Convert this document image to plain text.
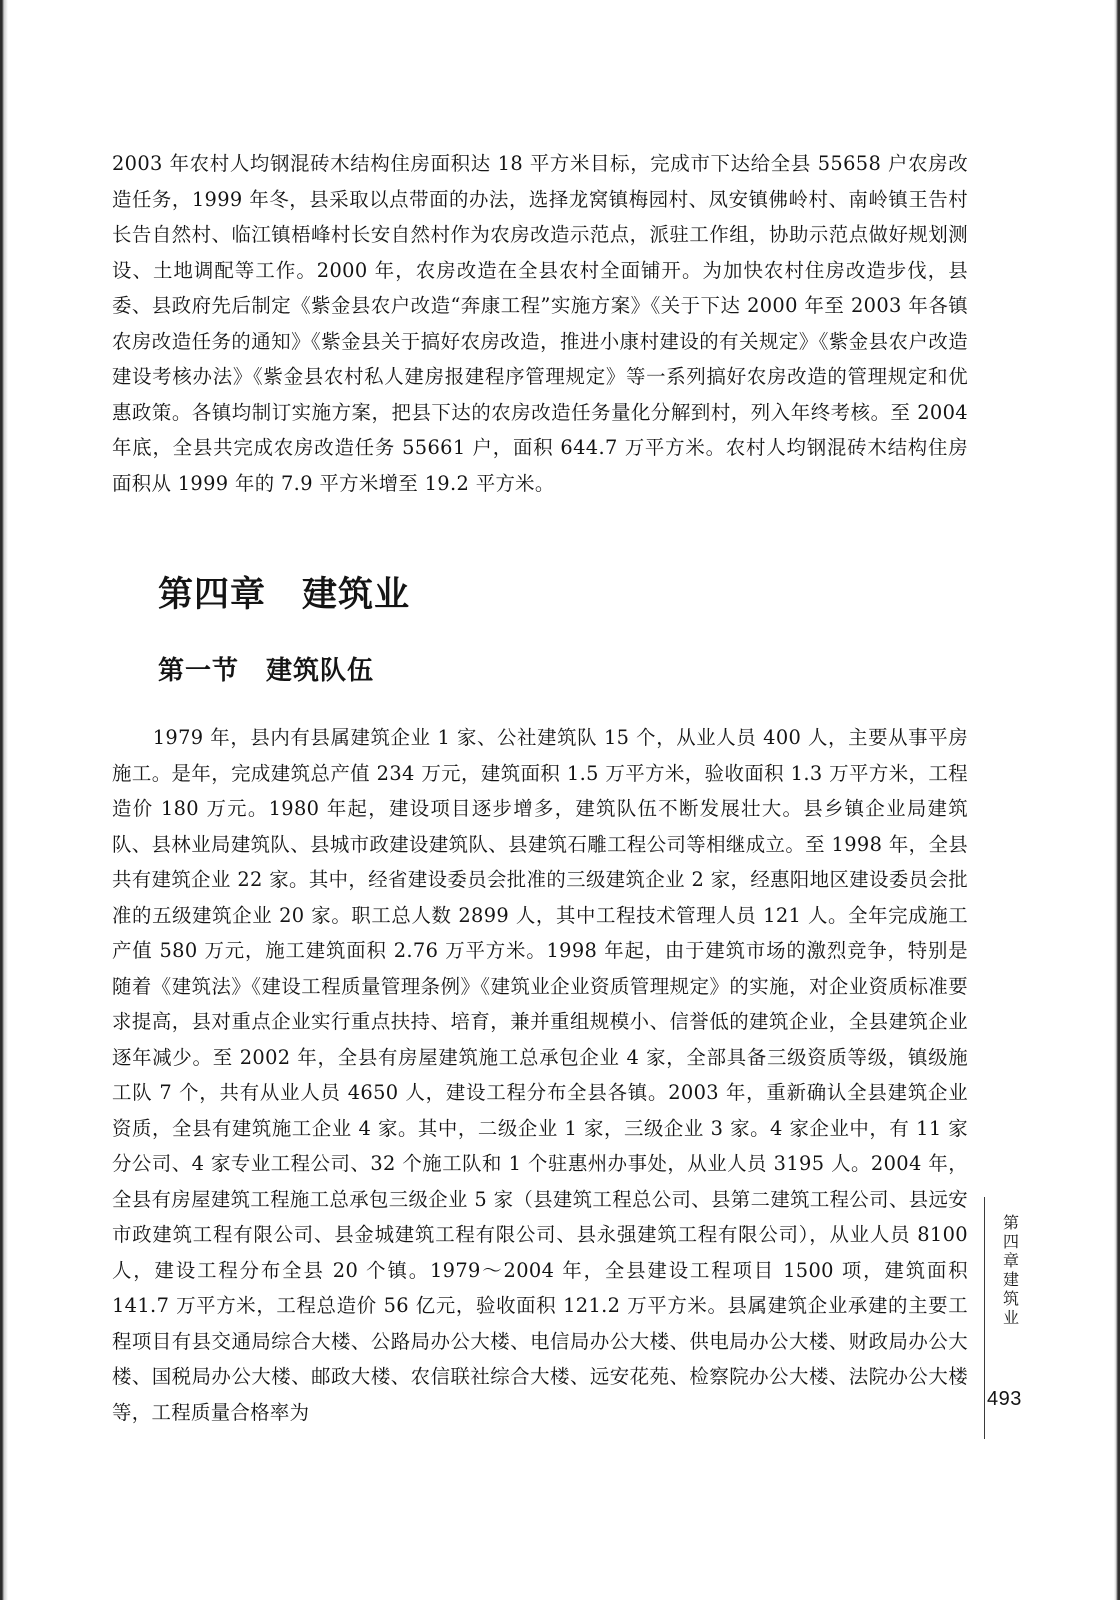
2003 年农村人均钢混砖木结构住房面积达 18 平方米目标，完成市下达给全县 55658 户农房改造任务，1999 年冬，县采取以点带面的办法，选择龙窝镇梅园村、凤安镇佛岭村、南岭镇王告村长告自然村、临江镇梧峰村长安自然村作为农房改造示范点，派驻工作组，协助示范点做好规划测设、土地调配等工作。2000 年，农房改造在全县农村全面铺开。为加快农村住房改造步伐，县委、县政府先后制定《紫金县农户改造“奔康工程”实施方案》《关于下达 2000 年至 2003 年各镇农房改造任务的通知》《紫金县关于搞好农房改造，推进小康村建设的有关规定》《紫金县农户改造建设考核办法》《紫金县农村私人建房报建程序管理规定》等一系列搞好农房改造的管理规定和优惠政策。各镇均制订实施方案，把县下达的农房改造任务量化分解到村，列入年终考核。至 2004 年底，全县共完成农房改造任务 55661 户，面积 644.7 万平方米。农村人均钢混砖木结构住房面积从 1999 年的 7.9 平方米增至 19.2 平方米。

第四章　建筑业
第一节　建筑队伍

1979 年，县内有县属建筑企业 1 家、公社建筑队 15 个，从业人员 400 人，主要从事平房施工。是年，完成建筑总产值 234 万元，建筑面积 1.5 万平方米，验收面积 1.3 万平方米，工程造价 180 万元。1980 年起，建设项目逐步增多，建筑队伍不断发展壮大。县乡镇企业局建筑队、县林业局建筑队、县城市政建设建筑队、县建筑石雕工程公司等相继成立。至 1998 年，全县共有建筑企业 22 家。其中，经省建设委员会批准的三级建筑企业 2 家，经惠阳地区建设委员会批准的五级建筑企业 20 家。职工总人数 2899 人，其中工程技术管理人员 121 人。全年完成施工产值 580 万元，施工建筑面积 2.76 万平方米。1998 年起，由于建筑市场的激烈竞争，特别是随着《建筑法》《建设工程质量管理条例》《建筑业企业资质管理规定》的实施，对企业资质标准要求提高，县对重点企业实行重点扶持、培育，兼并重组规模小、信誉低的建筑企业，全县建筑企业逐年减少。至 2002 年，全县有房屋建筑施工总承包企业 4 家，全部具备三级资质等级，镇级施工队 7 个，共有从业人员 4650 人，建设工程分布全县各镇。2003 年，重新确认全县建筑企业资质，全县有建筑施工企业 4 家。其中，二级企业 1 家，三级企业 3 家。4 家企业中，有 11 家分公司、4 家专业工程公司、32 个施工队和 1 个驻惠州办事处，从业人员 3195 人。2004 年，全县有房屋建筑工程施工总承包三级企业 5 家（县建筑工程总公司、县第二建筑工程公司、县远安市政建筑工程有限公司、县金城建筑工程有限公司、县永强建筑工程有限公司），从业人员 8100 人，建设工程分布全县 20 个镇。1979～2004 年，全县建设工程项目 1500 项，建筑面积 141.7 万平方米，工程总造价 56 亿元，验收面积 121.2 万平方米。县属建筑企业承建的主要工程项目有县交通局综合大楼、公路局办公大楼、电信局办公大楼、供电局办公大楼、财政局办公大楼、国税局办公大楼、邮政大楼、农信联社综合大楼、远安花苑、检察院办公大楼、法院办公大楼等，工程质量合格率为

第四章　建筑业
493
